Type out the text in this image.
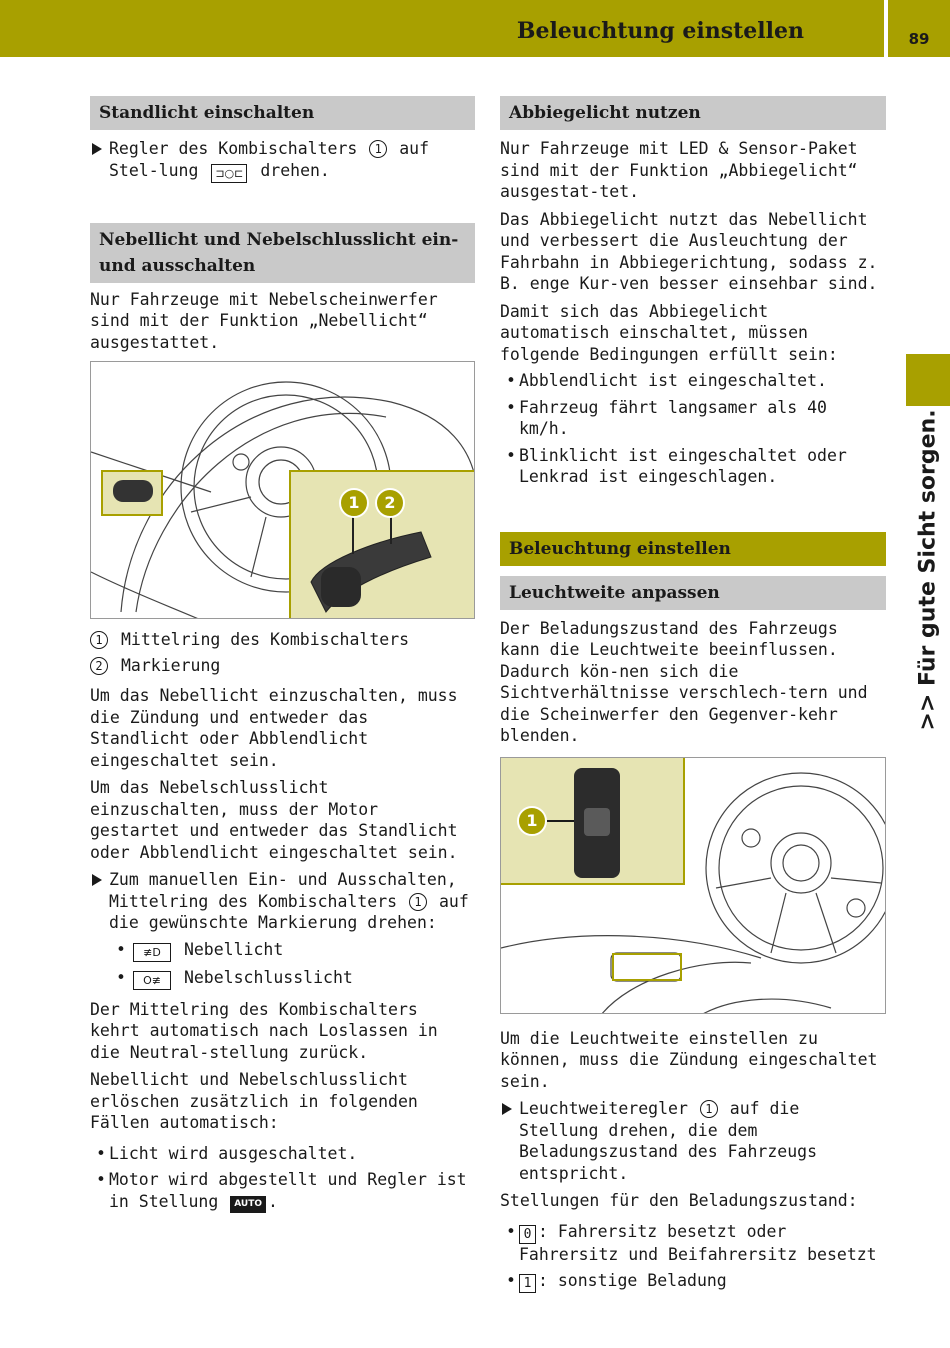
Beleuchtung einstellen	89
>> Für gute Sicht sorgen.
Standlicht einschalten
Regler des Kombischalters 1 auf Stel-lung ⊐○⊏ drehen.
Nebellicht und Nebelschlusslicht ein- und ausschalten
Nur Fahrzeuge mit Nebelscheinwerfer sind mit der Funktion „Nebellicht“ ausgestattet.
1	2
1	Mittelring des Kombischalters
2	Markierung
Um das Nebellicht einzuschalten, muss die Zündung und entweder das Standlicht oder Abblendlicht eingeschaltet sein.
Um das Nebelschlusslicht einzuschalten, muss der Motor gestartet und entweder das Standlicht oder Abblendlicht eingeschaltet sein.
Zum manuellen Ein- und Ausschalten, Mittelring des Kombischalters 1 auf die gewünschte Markierung drehen:
• ≢D Nebellicht
• O≢ Nebelschlusslicht
Der Mittelring des Kombischalters kehrt automatisch nach Loslassen in die Neutral-stellung zurück.
Nebellicht und Nebelschlusslicht erlöschen zusätzlich in folgenden Fällen automatisch:
• Licht wird ausgeschaltet.
• Motor wird abgestellt und Regler ist in Stellung AUTO .
Abbiegelicht nutzen
Nur Fahrzeuge mit LED & Sensor-Paket sind mit der Funktion „Abbiegelicht“ ausgestat-tet.
Das Abbiegelicht nutzt das Nebellicht und verbessert die Ausleuchtung der Fahrbahn in Abbiegerichtung, sodass z. B. enge Kur-ven besser einsehbar sind.
Damit sich das Abbiegelicht automatisch einschaltet, müssen folgende Bedingungen erfüllt sein:
• Abblendlicht ist eingeschaltet.
• Fahrzeug fährt langsamer als 40 km/h.
• Blinklicht ist eingeschaltet oder Lenkrad ist eingeschlagen.
Beleuchtung einstellen
Leuchtweite anpassen
Der Beladungszustand des Fahrzeugs kann die Leuchtweite beeinflussen. Dadurch kön-nen sich die Sichtverhältnisse verschlech-tern und die Scheinwerfer den Gegenver-kehr blenden.
1
Um die Leuchtweite einstellen zu können, muss die Zündung eingeschaltet sein.
Leuchtweiteregler 1 auf die Stellung drehen, die dem Beladungszustand des Fahrzeugs entspricht.
Stellungen für den Beladungszustand:
• 0 : Fahrersitz besetzt oder Fahrersitz und Beifahrersitz besetzt
• 1 : sonstige Beladung
